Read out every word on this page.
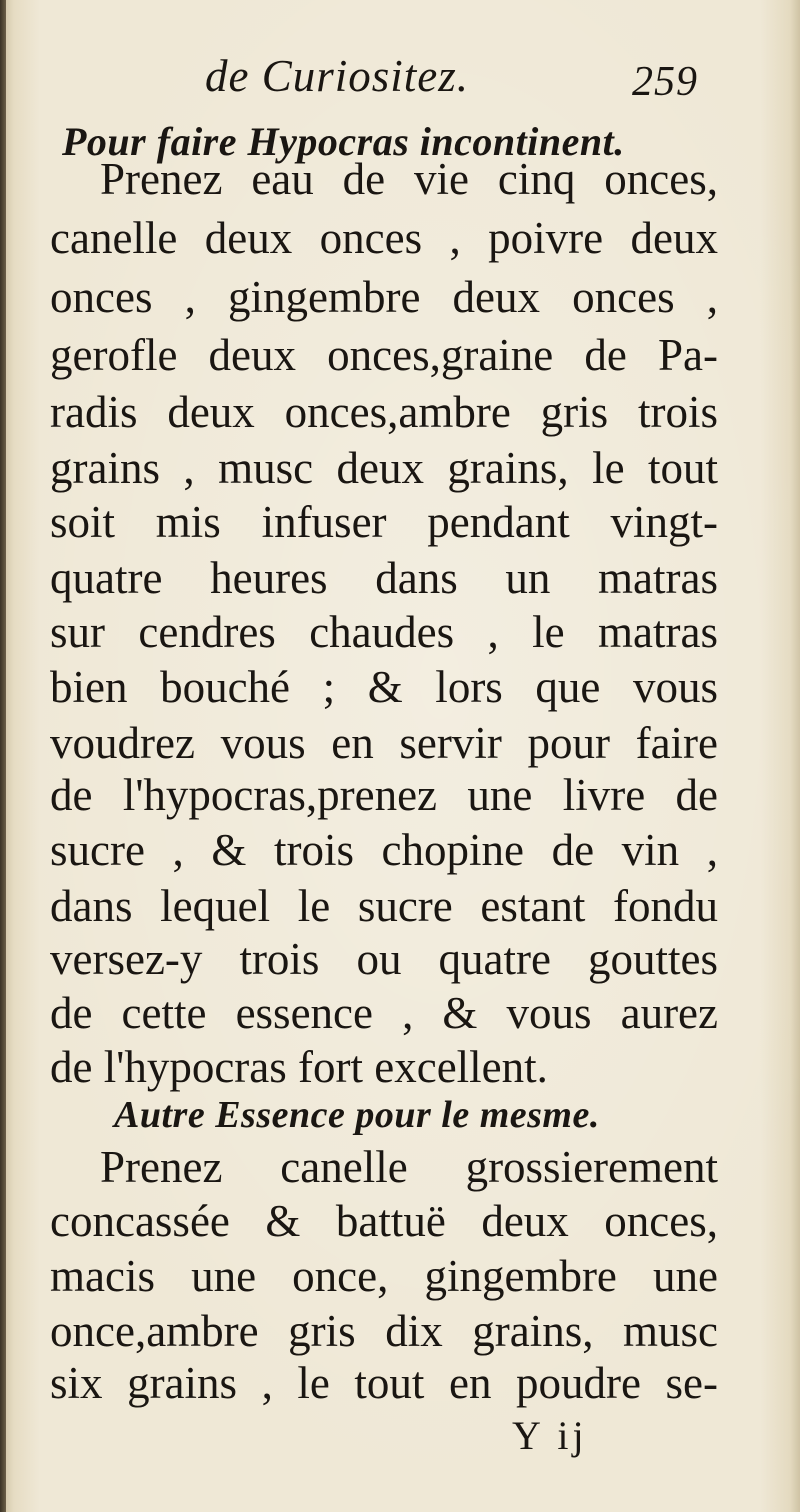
de Curiositez.	259
Pour faire Hypocras incontinent.
Prenez eau de vie cinq onces,
canelle deux onces , poivre deux
onces , gingembre deux onces ,
gerofle deux onces,graine de Pa-
radis deux onces,ambre gris trois
grains , musc deux grains, le tout
soit mis infuser pendant vingt-
quatre heures dans un matras
sur cendres chaudes , le matras
bien bouché ; & lors que vous
voudrez vous en servir pour faire
de l'hypocras,prenez une livre de
sucre , & trois chopine de vin ,
dans lequel le sucre estant fondu
versez-y trois ou quatre gouttes
de cette essence , & vous aurez
de l'hypocras fort excellent.
Autre Essence pour le mesme.
Prenez canelle grossierement
concassée & battuë deux onces,
macis une once, gingembre une
once,ambre gris dix grains, musc
six grains , le tout en poudre se-
Y ij
